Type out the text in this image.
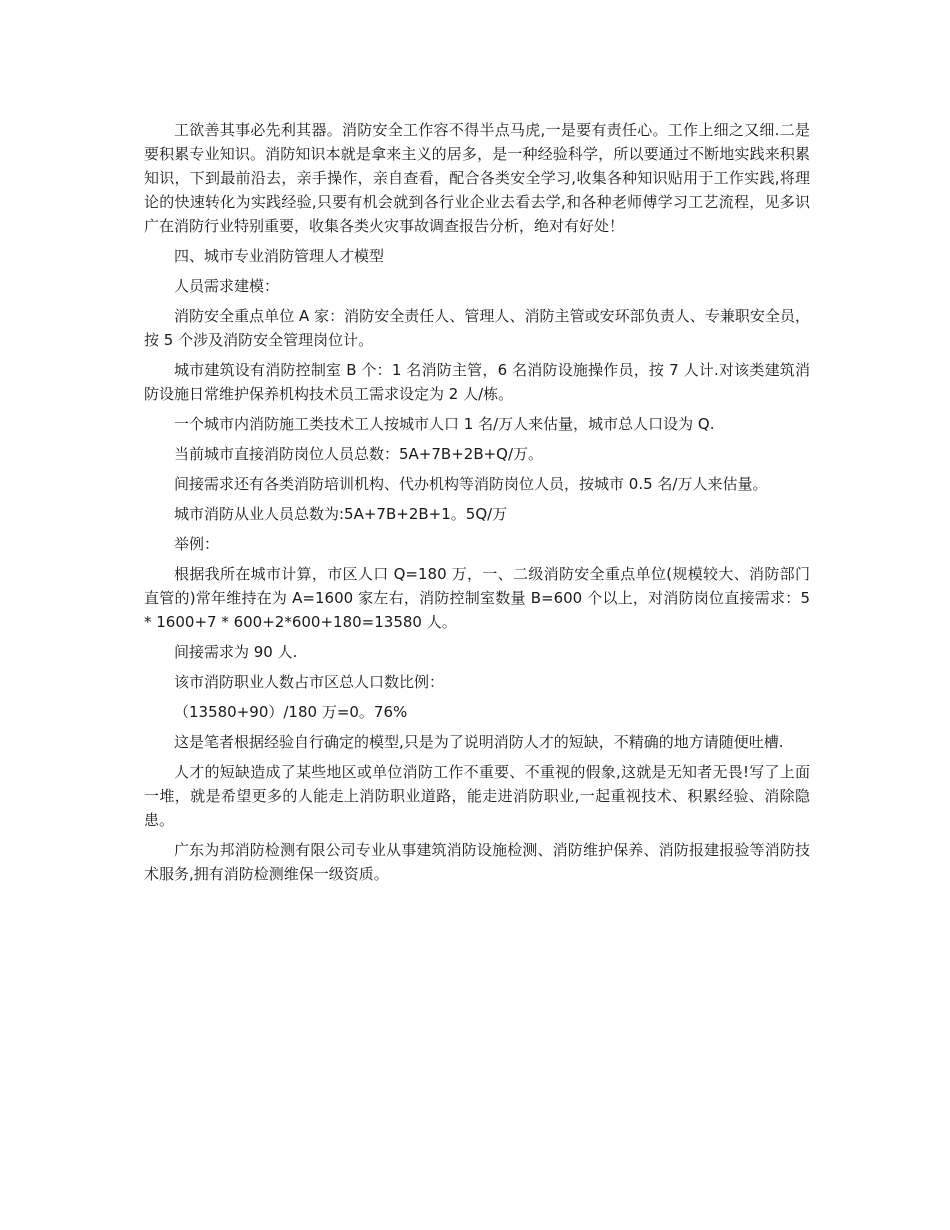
工欲善其事必先利其器。消防安全工作容不得半点马虎,一是要有责任心。工作上细之又细.二是要积累专业知识。消防知识本就是拿来主义的居多，是一种经验科学，所以要通过不断地实践来积累知识，下到最前沿去，亲手操作，亲自查看，配合各类安全学习,收集各种知识贴用于工作实践,将理论的快速转化为实践经验,只要有机会就到各行业企业去看去学,和各种老师傅学习工艺流程，见多识广在消防行业特别重要，收集各类火灾事故调查报告分析，绝对有好处！

四、城市专业消防管理人才模型

人员需求建模：

消防安全重点单位 A 家：消防安全责任人、管理人、消防主管或安环部负责人、专兼职安全员，按 5 个涉及消防安全管理岗位计。

城市建筑设有消防控制室 B 个：1 名消防主管，6 名消防设施操作员，按 7 人计.对该类建筑消防设施日常维护保养机构技术员工需求设定为 2 人/栋。

一个城市内消防施工类技术工人按城市人口 1 名/万人来估量，城市总人口设为 Q.

当前城市直接消防岗位人员总数：5A+7B+2B+Q/万。

间接需求还有各类消防培训机构、代办机构等消防岗位人员，按城市 0.5 名/万人来估量。

城市消防从业人员总数为:5A+7B+2B+1。5Q/万

举例：

根据我所在城市计算，市区人口 Q=180 万，一、二级消防安全重点单位(规模较大、消防部门直管的)常年维持在为 A=1600 家左右，消防控制室数量 B=600 个以上，对消防岗位直接需求：5 * 1600+7 * 600+2*600+180=13580 人。

间接需求为 90 人.

该市消防职业人数占市区总人口数比例：

（13580+90）/180 万=0。76%

这是笔者根据经验自行确定的模型,只是为了说明消防人才的短缺，不精确的地方请随便吐槽.

人才的短缺造成了某些地区或单位消防工作不重要、不重视的假象,这就是无知者无畏!写了上面一堆，就是希望更多的人能走上消防职业道路，能走进消防职业,一起重视技术、积累经验、消除隐患。

广东为邦消防检测有限公司专业从事建筑消防设施检测、消防维护保养、消防报建报验等消防技术服务,拥有消防检测维保一级资质。
